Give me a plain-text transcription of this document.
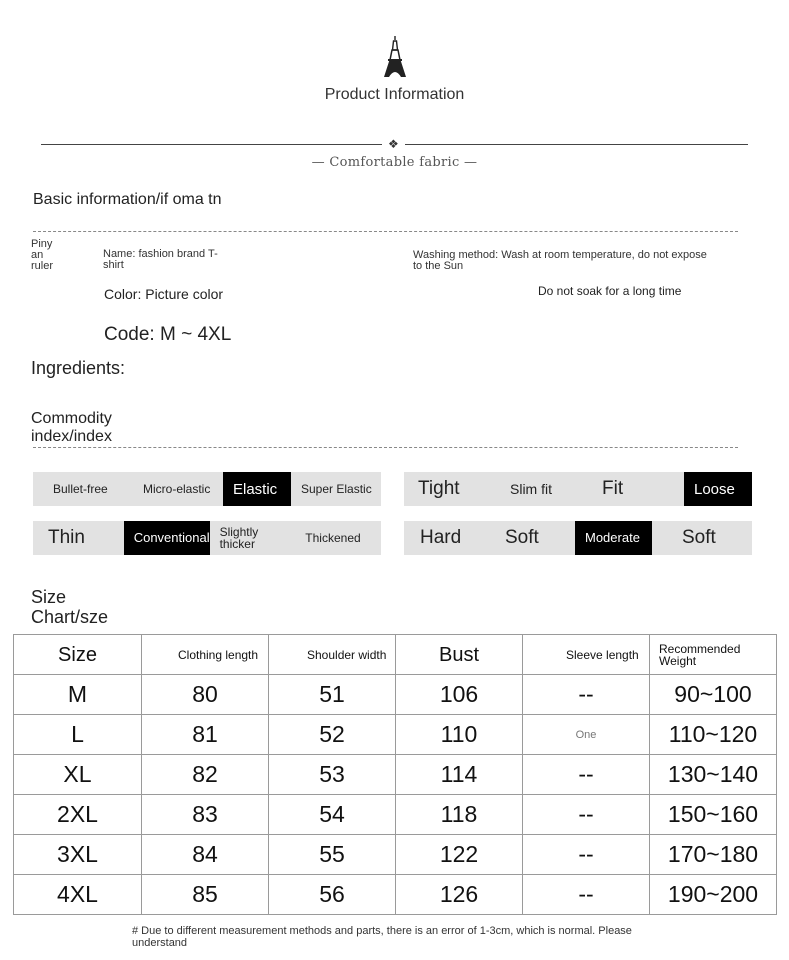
Product Information
❖
— Comfortable fabric —
Basic information/if oma tn
Piny an ruler
Name: fashion brand T-shirt
Washing method: Wash at room temperature, do not expose to the Sun
Color: Picture color	Do not soak for a long time
Code: M ~ 4XL
Ingredients:
Commodity index/index
Bullet-free	Micro-elastic	Elastic	Super Elastic	Tight	Slim fit	Fit	Loose
Thin	Conventional Slightly thicker	Thickened	Hard	Soft	Moderate	Soft
Size Chart/sze
Size	Clothing length	Shoulder width	Bust	Sleeve length	Recommended Weight
M	80	51	106	--	90~100
L	81	52	110	One	110~120
XL	82	53	114	--	130~140
2XL	83	54	118	--	150~160
3XL	84	55	122	--	170~180
4XL	85	56	126	--	190~200
# Due to different measurement methods and parts, there is an error of 1-3cm, which is normal. Please understand
